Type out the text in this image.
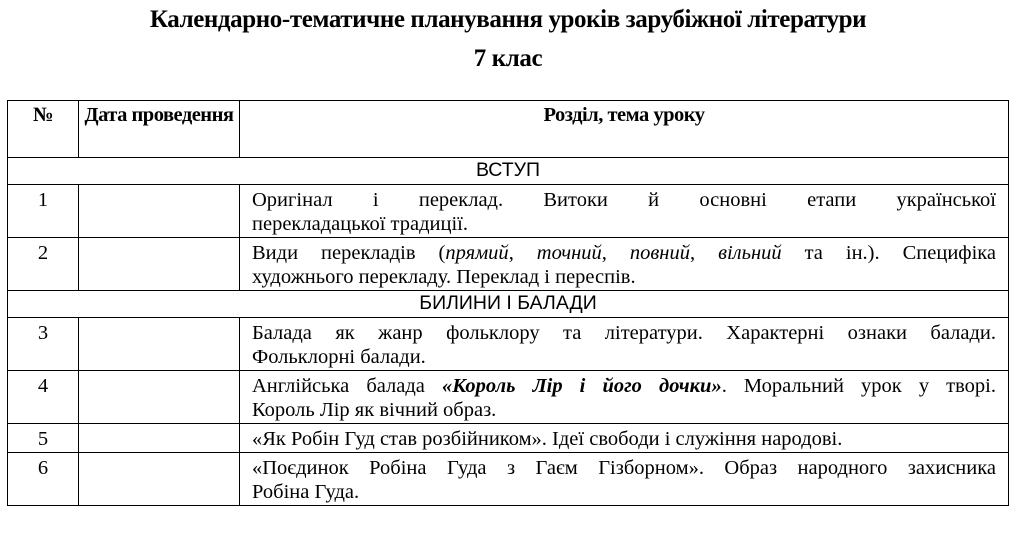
Календарно-тематичне планування уроків зарубіжної літератури
7 клас
№	Дата проведення	Розділ, тема уроку
ВСТУП		
1		Оригінал і переклад. Витоки й основні етапи української
перекладацької традиції.

2		Види перекладів (прямий, точний, повний, вільний та ін.). Специфіка
художнього перекладу. Переклад і переспів.

БИЛИНИ І БАЛАДИ		
3		Балада як жанр фольклору та літератури. Характерні ознаки балади.
Фольклорні балади.

4		Англійська балада «Король Лір і його дочки». Моральний урок у творі.
Король Лір як вічний образ.

5		«Як Робін Гуд став розбійником». Ідеї свободи і служіння народові.

6		«Поєдинок Робіна Гуда з Гаєм Гізборном». Образ народного захисника
Робіна Гуда.
